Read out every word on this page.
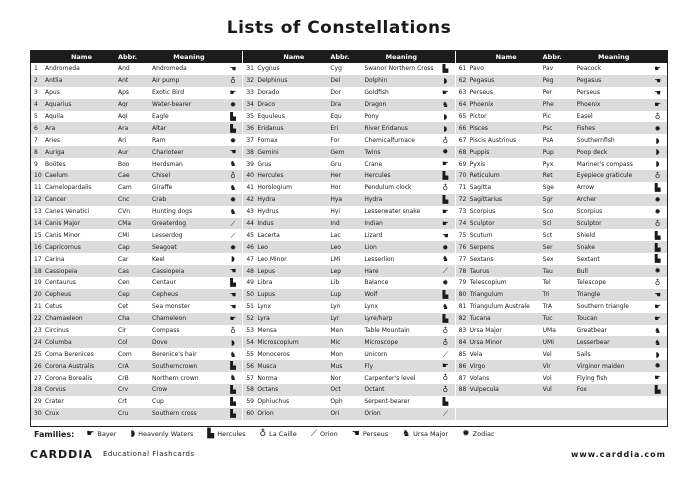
Lists of Constellations
Name	Abbr.	Meaning
1	Andromeda	And	Andromeda	☚
2	Antlia	Ant	Air pump	♁
3	Apus	Aps	Exotic Bird	☛
4	Aquarius	Aqr	Water-bearer	✹
5	Aquila	Aql	Eagle	▙
6	Ara	Ara	Altar	▙
7	Aries	Ari	Ram	✹
8	Auriga	Aur	Charioteer	☚
9	Boötes	Boo	Herdsman	♞
10 Caelum	Cae	Chisel	♁
11 Camelopardalis	Cam	Giraffe	♞
12 Cancer	Cnc	Crab	✹
13 Canes Venatici	CVn	Hunting dogs	♞
14 Canis Major	CMa	Greaterdog	⟋
15 Canis Minor	CMi	Lesserdog	⟋
16 Capricornus	Cap	Seagoat	✹
17 Carina	Car	Keel	◗
18 Cassiopeia	Cas	Cassiopeia	☚
19 Centaurus	Cen	Centaur	▙
20 Cepheus	Cep	Cepheus	☚
21 Cetus	Cet	Sea monster	☚
22 Chamaeleon	Cha	Chameleon	☛
23 Circinus	Cir	Compass	♁
24 Columba	Col	Dove	◗
25 Coma Berenices	Com	Berenice's hair	♞
26 Corona Australis	CrA	Southerncrown	▙
27 Corona Borealis	CrB	Northern crown	♞
28 Corvus	Crv	Crow	▙
29 Crater	Crt	Cup	▙
30 Crux	Cru	Southern cross	▙
Name	Abbr.	Meaning
31 Cygnus	Cyg	Swanor Northern Cross	▙
32 Delphinus	Del	Dolphin	◗
33 Dorado	Dor	Goldfish	☛
34 Draco	Dra	Dragon	♞
35 Equuleus	Equ	Pony	◗
36 Eridanus	Eri	River Eridanus	◗
37 Fornax	For	Chemicalfurnace	♁
38 Gemini	Gem	Twins	✹
39 Grus	Gru	Crane	☛
40 Hercules	Her	Hercules	▙
41 Horologium	Hor	Pendulum clock	♁
42 Hydra	Hya	Hydra	▙
43 Hydrus	Hyi	Lesserwater snake	☛
44 Indus	Ind	Indian	☛
45 Lacerta	Lac	Lizard	☚
46 Leo	Leo	Lion	✹
47 Leo Minor	LMi	Lesserlion	♞
48 Lepus	Lep	Hare	⟋
49 Libra	Lib	Balance	✹
50 Lupus	Lup	Wolf	▙
51 Lynx	Lyn	Lynx	♞
52 Lyra	Lyr	Lyre/harp	▙
53 Mensa	Men	Table Mountain	♁
54 Microscopium	Mic	Microscope	♁
55 Monoceros	Mon	Unicorn	⟋
56 Musca	Mus	Fly	☛
57 Norma	Nor	Carpenter's level	♁
58 Octans	Oct	Octant	♁
59 Ophiuchus	Oph	Serpent-bearer	▙
60 Orion	Ori	Orion	⟋
Name	Abbr.	Meaning
61 Pavo	Pav	Peacock	☛
62 Pegasus	Peg	Pegasus	☚
63 Perseus	Per	Perseus	☚
64 Phoenix	Phe	Phoenix	☛
65 Pictor	Pic	Easel	♁
66 Pisces	Psc	Fishes	✹
67 Piscis Austrinus	PsA	Southernfish	◗
68 Puppis	Pup	Poop deck	◗
69 Pyxis	Pyx	Mariner's compass	◗
70 Reticulum	Ret	Eyepiece graticule	♁
71 Sagitta	Sge	Arrow	▙
72 Sagittarius	Sgr	Archer	✹
73 Scorpius	Sco	Scorpius	✹
74 Sculptor	Scl	Sculptor	♁
75 Scutum	Sct	Shield	▙
76 Serpens	Ser	Snake	▙
77 Sextans	Sex	Sextant	▙
78 Taurus	Tau	Bull	✹
79 Telescopium	Tel	Telescope	♁
80 Triangulum	Tri	Triangle	☚
81 Triangulum Australe	TrA	Southern triangle	☛
82 Tucana	Tuc	Toucan	☛
83 Ursa Major	UMa	Greatbear	♞
84 Ursa Minor	UMi	Lesserbear	♞
85 Vela	Vel	Sails	◗
86 Virgo	Vir	Virginor maiden	✹
87 Volans	Vol	Flying fish	☛
88 Vulpecula	Vul	Fox	▙
Families: ☛ Bayer ◗ Heavenly Waters ▙ Hercules ♁ La Caille ⟋ Orion ☚ Perseus ♞ Ursa Major ✹ Zodiac
CARDDIA Educational Flashcards	www.carddia.com
